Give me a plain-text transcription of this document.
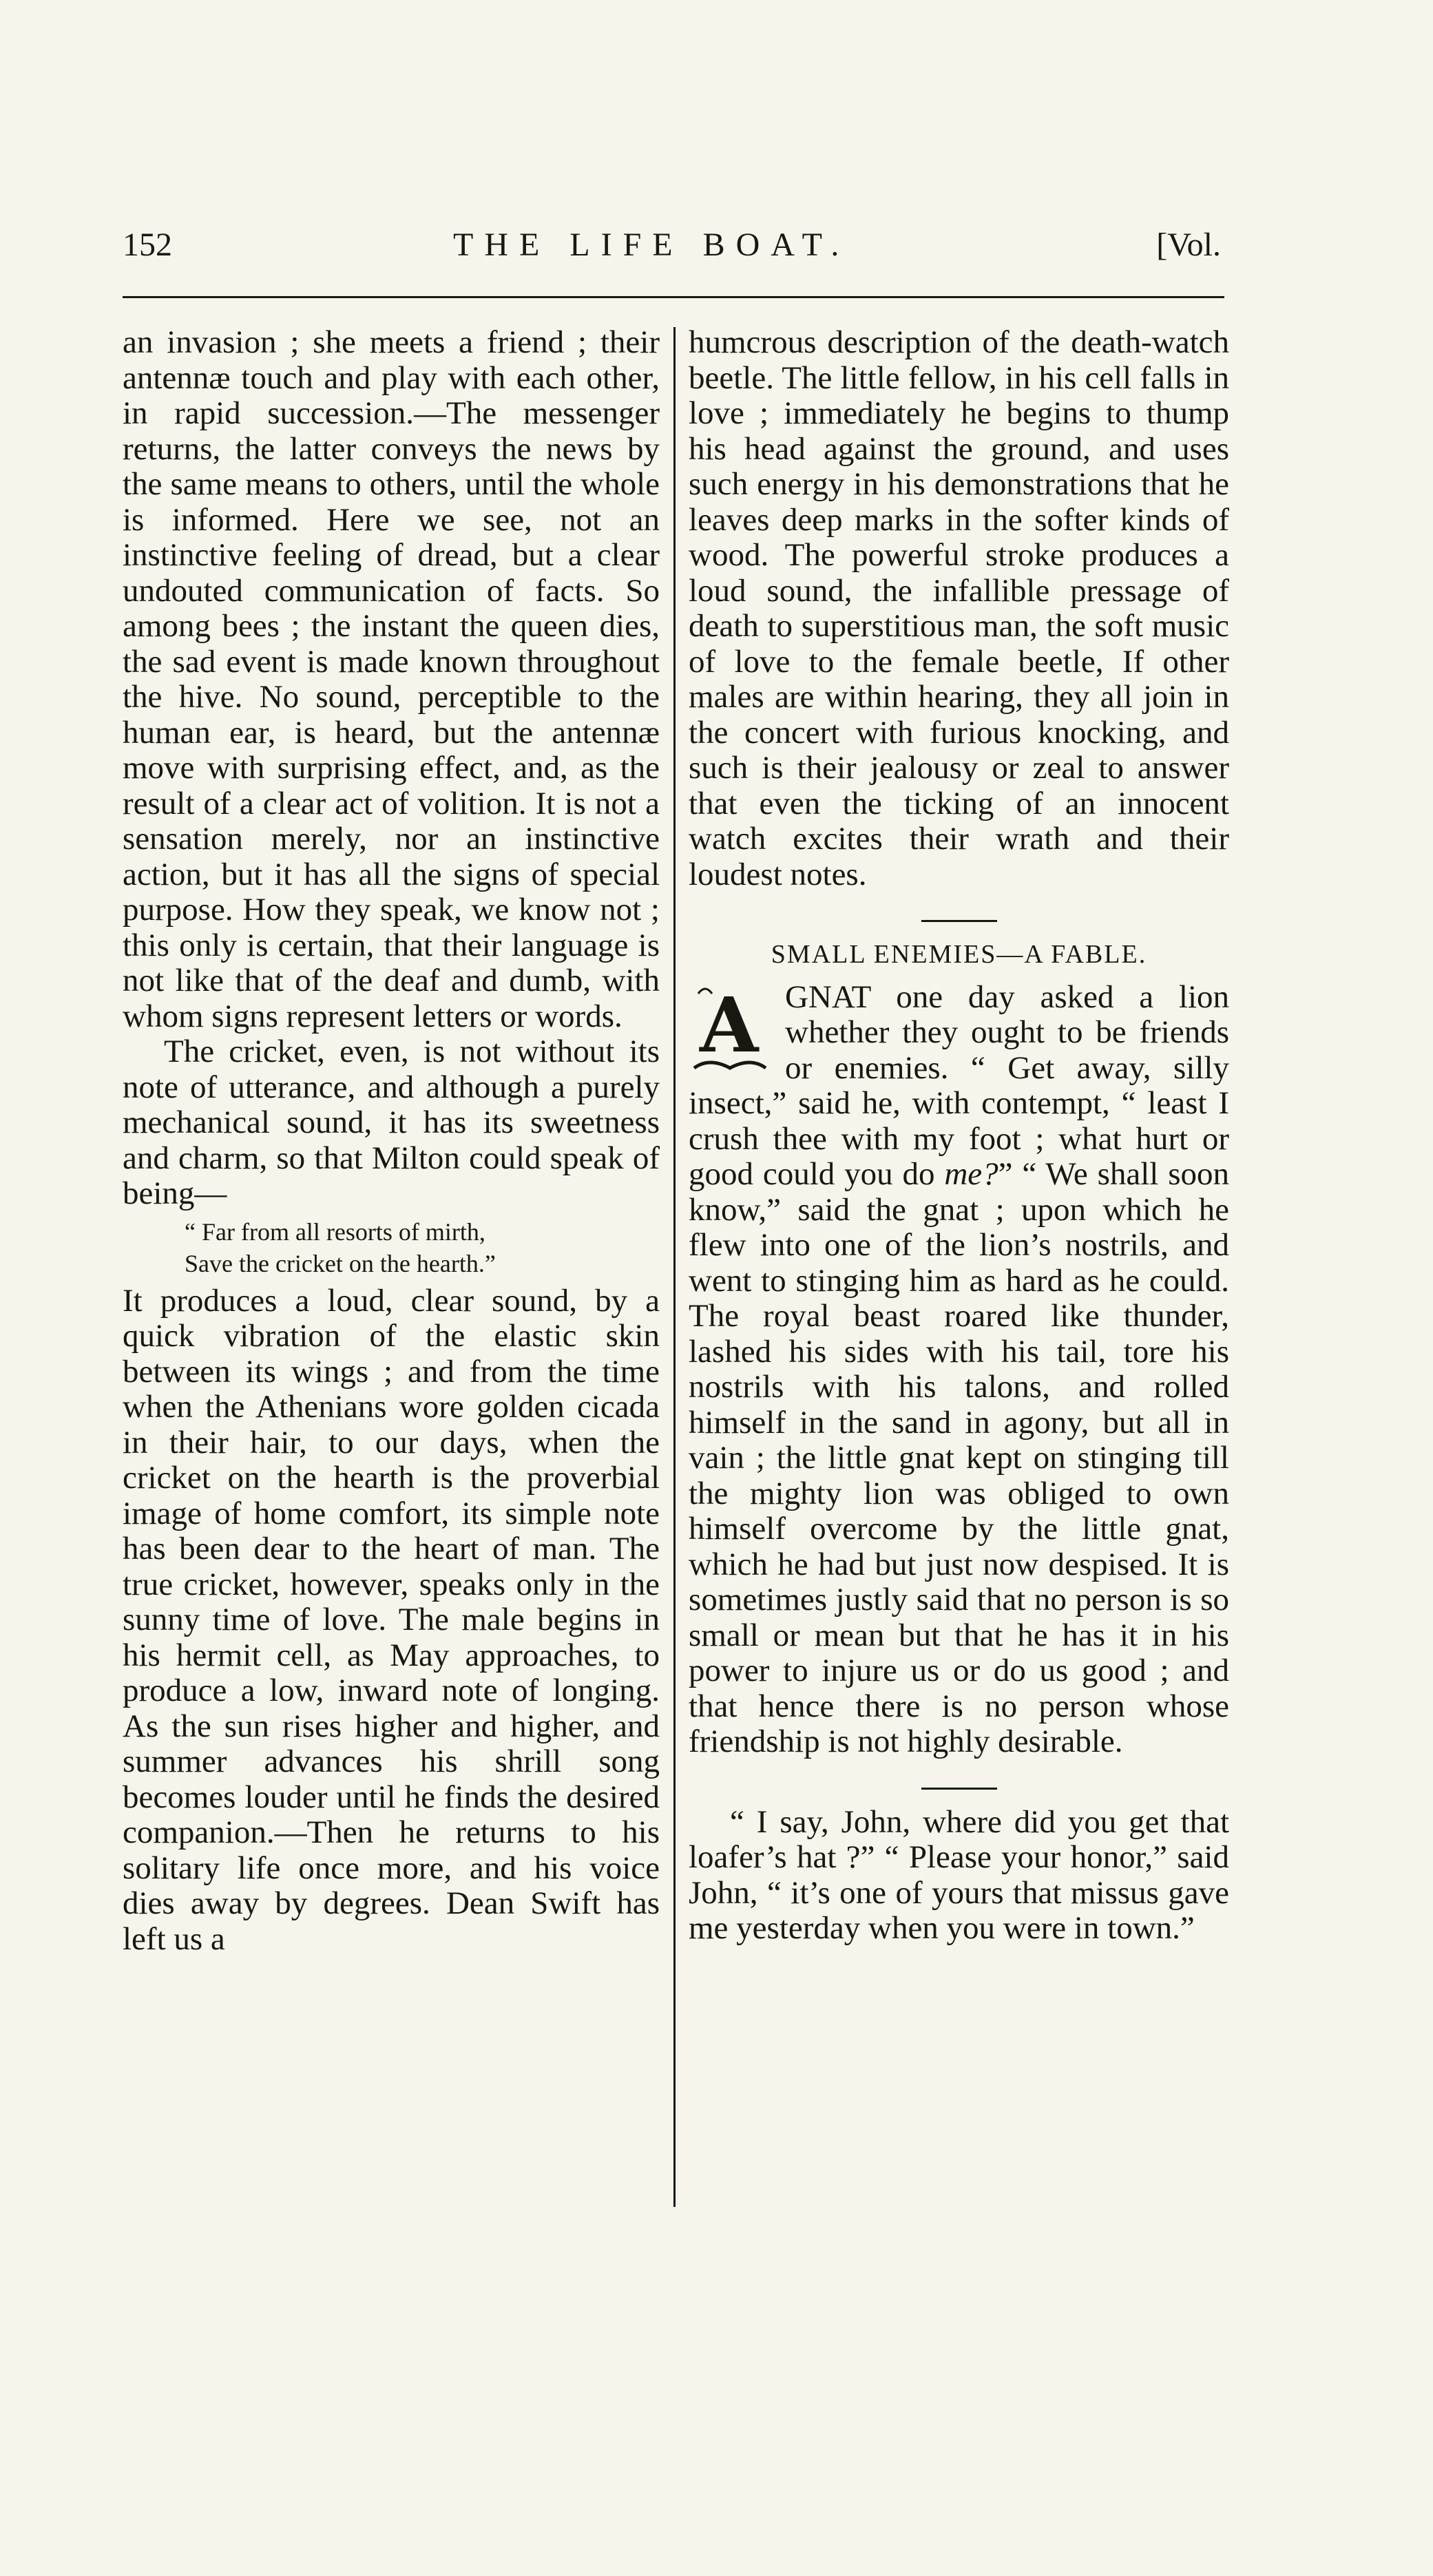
152	THE LIFE BOAT.	[Vol.

an invasion ; she meets a friend ; their antennæ touch and play with each other, in rapid succession.—The messenger returns, the latter conveys the news by the same means to others, until the whole is informed. Here we see, not an instinctive feeling of dread, but a clear undouted communication of facts. So among bees ; the instant the queen dies, the sad event is made known throughout the hive. No sound, perceptible to the human ear, is heard, but the antennæ move with surprising effect, and, as the result of a clear act of volition. It is not a sensation merely, nor an instinctive action, but it has all the signs of special purpose. How they speak, we know not ; this only is certain, that their language is not like that of the deaf and dumb, with whom signs represent letters or words.

The cricket, even, is not without its note of utterance, and although a purely mechanical sound, it has its sweetness and charm, so that Milton could speak of being—

“ Far from all resorts of mirth,
Save the cricket on the hearth.”

It produces a loud, clear sound, by a quick vibration of the elastic skin between its wings ; and from the time when the Athenians wore golden cicada in their hair, to our days, when the cricket on the hearth is the proverbial image of home comfort, its simple note has been dear to the heart of man. The true cricket, however, speaks only in the sunny time of love. The male begins in his hermit cell, as May approaches, to produce a low, inward note of longing. As the sun rises higher and higher, and summer advances his shrill song becomes louder until he finds the desired companion.—Then he returns to his solitary life once more, and his voice dies away by degrees. Dean Swift has left us a

humcrous description of the death-watch beetle. The little fellow, in his cell falls in love ; immediately he begins to thump his head against the ground, and uses such energy in his demonstrations that he leaves deep marks in the softer kinds of wood. The powerful stroke produces a loud sound, the infallible pressage of death to superstitious man, the soft music of love to the female beetle, If other males are within hearing, they all join in the concert with furious knocking, and such is their jealousy or zeal to answer that even the ticking of an innocent watch excites their wrath and their loudest notes.

SMALL ENEMIES—A FABLE.

A GNAT one day asked a lion whether they ought to be friends or enemies. “ Get away, silly insect,” said he, with contempt, “ least I crush thee with my foot ; what hurt or good could you do me?” “ We shall soon know,” said the gnat ; upon which he flew into one of the lion’s nostrils, and went to stinging him as hard as he could. The royal beast roared like thunder, lashed his sides with his tail, tore his nostrils with his talons, and rolled himself in the sand in agony, but all in vain ; the little gnat kept on stinging till the mighty lion was obliged to own himself overcome by the little gnat, which he had but just now despised. It is sometimes justly said that no person is so small or mean but that he has it in his power to injure us or do us good ; and that hence there is no person whose friendship is not highly desirable.

“ I say, John, where did you get that loafer’s hat ?” “ Please your honor,” said John, “ it’s one of yours that missus gave me yesterday when you were in town.”
